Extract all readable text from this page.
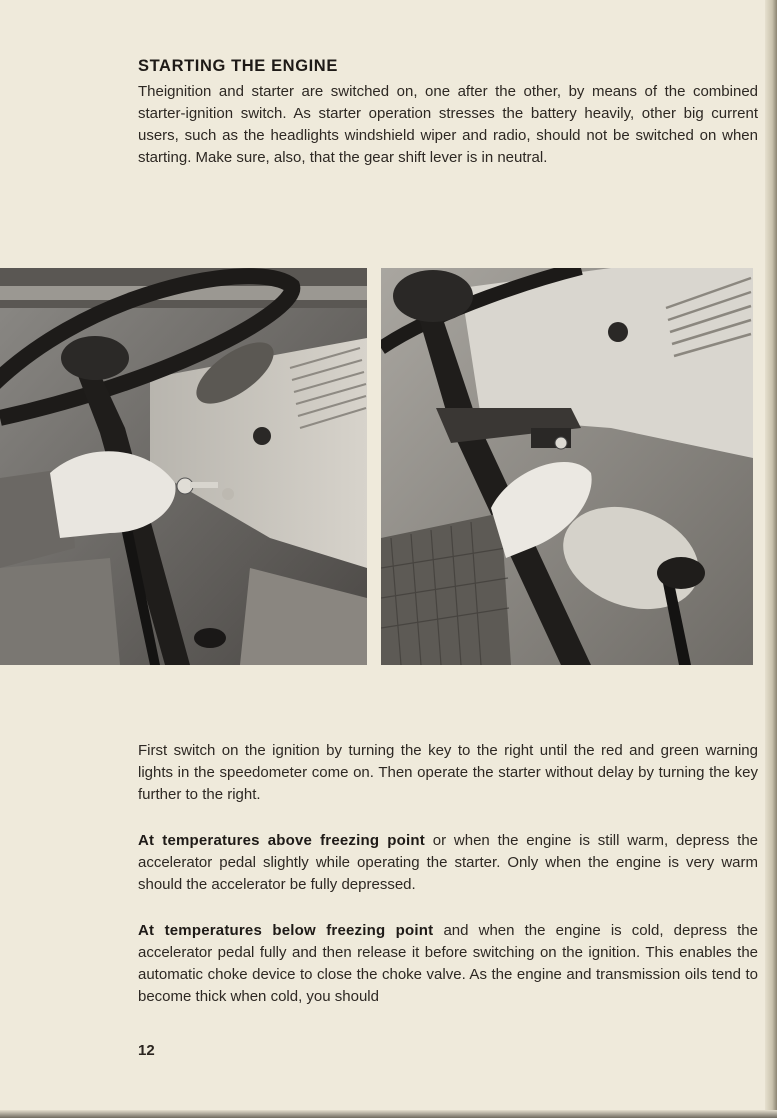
STARTING THE ENGINE

Theignition and starter are switched on, one after the other, by means of the combined starter-ignition switch. As starter operation stresses the battery heavily, other big current users, such as the headlights windshield wiper and radio, should not be switched on when starting. Make sure, also, that the gear shift lever is in neutral.

First switch on the ignition by turning the key to the right until the red and green warning lights in the speedometer come on. Then operate the starter without delay by turning the key further to the right.

At temperatures above freezing point or when the engine is still warm, depress the accelerator pedal slightly while operating the starter. Only when the engine is very warm should the accelerator be fully depressed.

At temperatures below freezing point and when the engine is cold, depress the accelerator pedal fully and then release it before switching on the ignition. This enables the automatic choke device to close the choke valve. As the engine and transmission oils tend to become thick when cold, you should

12
